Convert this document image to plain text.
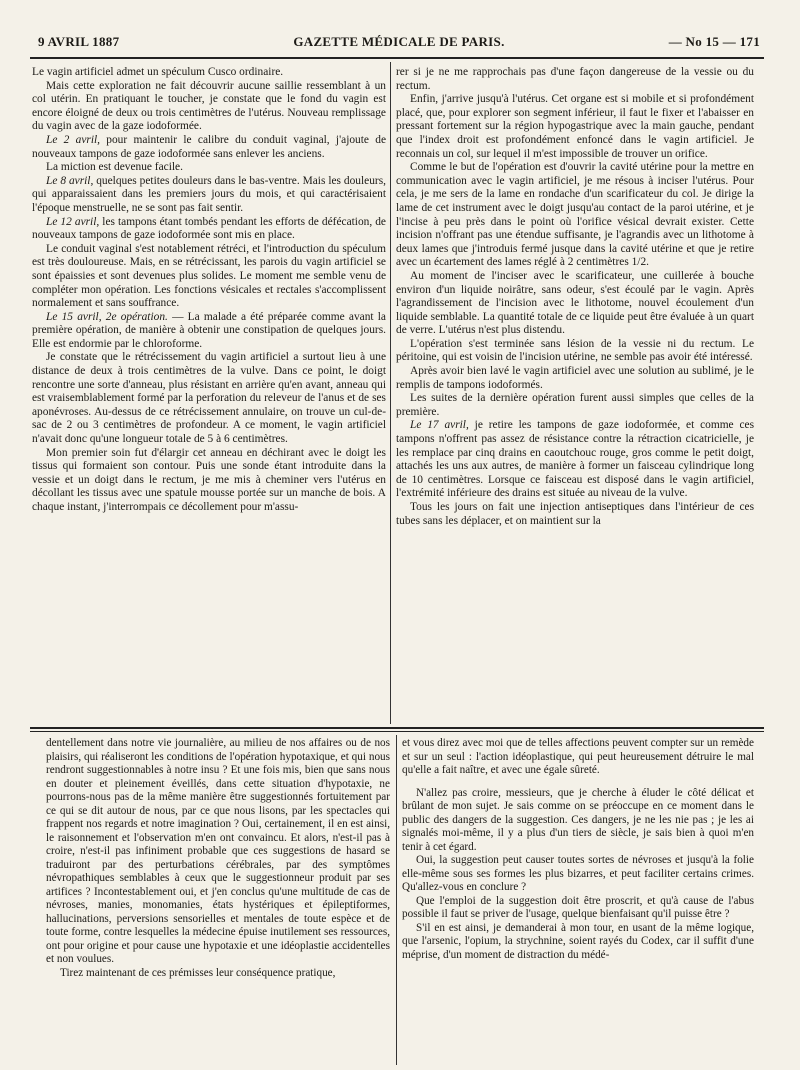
9 AVRIL 1887	GAZETTE MÉDICALE DE PARIS.	— No 15 — 171

Le vagin artificiel admet un spéculum Cusco ordinaire.

Mais cette exploration ne fait découvrir aucune saillie ressemblant à un col utérin. En pratiquant le toucher, je constate que le fond du vagin est encore éloigné de deux ou trois centimètres de l'utérus. Nouveau remplissage du vagin avec de la gaze iodoformée.

Le 2 avril, pour maintenir le calibre du conduit vaginal, j'ajoute de nouveaux tampons de gaze iodoformée sans enlever les anciens.

La miction est devenue facile.

Le 8 avril, quelques petites douleurs dans le bas-ventre. Mais les douleurs, qui apparaissaient dans les premiers jours du mois, et qui caractérisaient l'époque menstruelle, ne se sont pas fait sentir.

Le 12 avril, les tampons étant tombés pendant les efforts de défécation, de nouveaux tampons de gaze iodoformée sont mis en place.

Le conduit vaginal s'est notablement rétréci, et l'introduction du spéculum est très douloureuse. Mais, en se rétrécissant, les parois du vagin artificiel se sont épaissies et sont devenues plus solides. Le moment me semble venu de compléter mon opération. Les fonctions vésicales et rectales s'accomplissent normalement et sans souffrance.

Le 15 avril, 2e opération. — La malade a été préparée comme avant la première opération, de manière à obtenir une constipation de quelques jours. Elle est endormie par le chloroforme.

Je constate que le rétrécissement du vagin artificiel a surtout lieu à une distance de deux à trois centimètres de la vulve. Dans ce point, le doigt rencontre une sorte d'anneau, plus résistant en arrière qu'en avant, anneau qui est vraisemblablement formé par la perforation du releveur de l'anus et de ses aponévroses. Au-dessus de ce rétrécissement annulaire, on trouve un cul-de-sac de 2 ou 3 centimètres de profondeur. A ce moment, le vagin artificiel n'avait donc qu'une longueur totale de 5 à 6 centimètres.

Mon premier soin fut d'élargir cet anneau en déchirant avec le doigt les tissus qui formaient son contour. Puis une sonde étant introduite dans la vessie et un doigt dans le rectum, je me mis à cheminer vers l'utérus en décollant les tissus avec une spatule mousse portée sur un manche de bois. A chaque instant, j'interrompais ce décollement pour m'assu-

rer si je ne me rapprochais pas d'une façon dangereuse de la vessie ou du rectum.

Enfin, j'arrive jusqu'à l'utérus. Cet organe est si mobile et si profondément placé, que, pour explorer son segment inférieur, il faut le fixer et l'abaisser en pressant fortement sur la région hypogastrique avec la main gauche, pendant que l'index droit est profondément enfoncé dans le vagin artificiel. Je reconnais un col, sur lequel il m'est impossible de trouver un orifice.

Comme le but de l'opération est d'ouvrir la cavité utérine pour la mettre en communication avec le vagin artificiel, je me résous à inciser l'utérus. Pour cela, je me sers de la lame en rondache d'un scarificateur du col. Je dirige la lame de cet instrument avec le doigt jusqu'au contact de la paroi utérine, et je l'incise à peu près dans le point où l'orifice vésical devrait exister. Cette incision n'offrant pas une étendue suffisante, je l'agrandis avec un lithotome à deux lames que j'introduis fermé jusque dans la cavité utérine et que je retire avec un écartement des lames réglé à 2 centimètres 1/2.

Au moment de l'inciser avec le scarificateur, une cuillerée à bouche environ d'un liquide noirâtre, sans odeur, s'est écoulé par le vagin. Après l'agrandissement de l'incision avec le lithotome, nouvel écoulement d'un liquide semblable. La quantité totale de ce liquide peut être évaluée à un quart de verre. L'utérus n'est plus distendu.

L'opération s'est terminée sans lésion de la vessie ni du rectum. Le péritoine, qui est voisin de l'incision utérine, ne semble pas avoir été intéressé.

Après avoir bien lavé le vagin artificiel avec une solution au sublimé, je le remplis de tampons iodoformés.

Les suites de la dernière opération furent aussi simples que celles de la première.

Le 17 avril, je retire les tampons de gaze iodoformée, et comme ces tampons n'offrent pas assez de résistance contre la rétraction cicatricielle, je les remplace par cinq drains en caoutchouc rouge, gros comme le petit doigt, attachés les uns aux autres, de manière à former un faisceau cylindrique long de 10 centimètres. Lorsque ce faisceau est disposé dans le vagin artificiel, l'extrémité inférieure des drains est située au niveau de la vulve.

Tous les jours on fait une injection antiseptiques dans l'intérieur de ces tubes sans les déplacer, et on maintient sur la

dentellement dans notre vie journalière, au milieu de nos affaires ou de nos plaisirs, qui réaliseront les conditions de l'opération hypotaxique, et qui nous rendront suggestionnables à notre insu ? Et une fois mis, bien que sans nous en douter et pleinement éveillés, dans cette situation d'hypotaxie, ne pourrons-nous pas de la même manière être suggestionnés fortuitement par ce qui se dit autour de nous, par ce que nous lisons, par les spectacles qui frappent nos regards et notre imagination ? Oui, certainement, il en est ainsi, le raisonnement et l'observation m'en ont convaincu. Et alors, n'est-il pas à croire, n'est-il pas infiniment probable que ces suggestions de hasard se traduiront par des perturbations cérébrales, par des symptômes névropathiques semblables à ceux que le suggestionneur produit par ses artifices ? Incontestablement oui, et j'en conclus qu'une multitude de cas de névroses, manies, monomanies, états hystériques et épileptiformes, hallucinations, perversions sensorielles et mentales de toute espèce et de toute forme, contre lesquelles la médecine épuise inutilement ses ressources, ont pour origine et pour cause une hypotaxie et une idéoplastie accidentelles et non voulues.

Tirez maintenant de ces prémisses leur conséquence pratique,

et vous direz avec moi que de telles affections peuvent compter sur un remède et sur un seul : l'action idéoplastique, qui peut heureusement détruire le mal qu'elle a fait naître, et avec une égale sûreté.

N'allez pas croire, messieurs, que je cherche à éluder le côté délicat et brûlant de mon sujet. Je sais comme on se préoccupe en ce moment dans le public des dangers de la suggestion. Ces dangers, je ne les nie pas ; je les ai signalés moi-même, il y a plus d'un tiers de siècle, je sais bien à quoi m'en tenir à cet égard.

Oui, la suggestion peut causer toutes sortes de névroses et jusqu'à la folie elle-même sous ses formes les plus bizarres, et peut faciliter certains crimes. Qu'allez-vous en conclure ?

Que l'emploi de la suggestion doit être proscrit, et qu'à cause de l'abus possible il faut se priver de l'usage, quelque bienfaisant qu'il puisse être ?

S'il en est ainsi, je demanderai à mon tour, en usant de la même logique, que l'arsenic, l'opium, la strychnine, soient rayés du Codex, car il suffit d'une méprise, d'un moment de distraction du médé-
